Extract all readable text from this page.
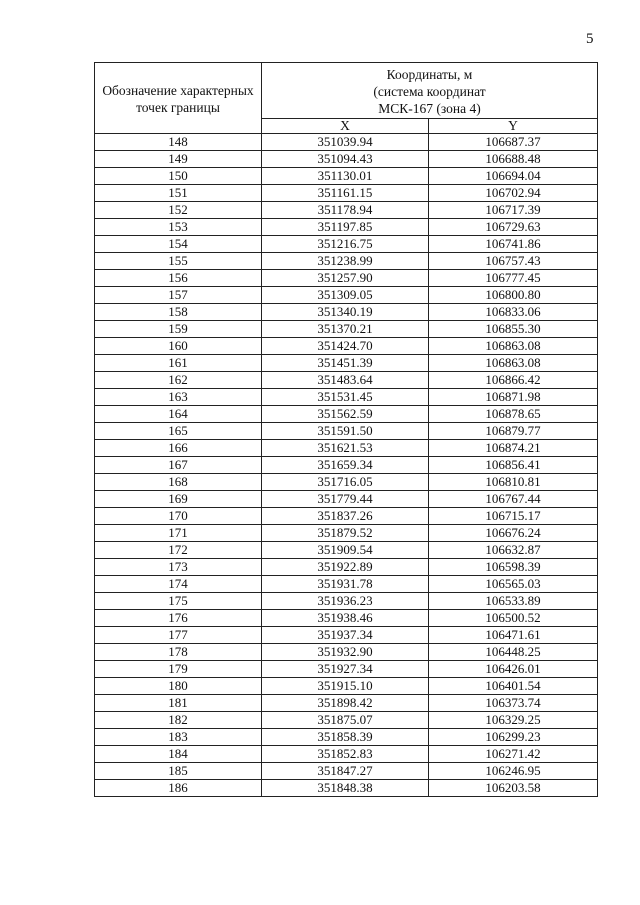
5
Обозначение характерных точек границы	Координаты, м
(система координат
МСК-167 (зона 4)	

	X	Y
148	351039.94	106687.37
149	351094.43	106688.48
150	351130.01	106694.04
151	351161.15	106702.94
152	351178.94	106717.39
153	351197.85	106729.63
154	351216.75	106741.86
155	351238.99	106757.43
156	351257.90	106777.45
157	351309.05	106800.80
158	351340.19	106833.06
159	351370.21	106855.30
160	351424.70	106863.08
161	351451.39	106863.08
162	351483.64	106866.42
163	351531.45	106871.98
164	351562.59	106878.65
165	351591.50	106879.77
166	351621.53	106874.21
167	351659.34	106856.41
168	351716.05	106810.81
169	351779.44	106767.44
170	351837.26	106715.17
171	351879.52	106676.24
172	351909.54	106632.87
173	351922.89	106598.39
174	351931.78	106565.03
175	351936.23	106533.89
176	351938.46	106500.52
177	351937.34	106471.61
178	351932.90	106448.25
179	351927.34	106426.01
180	351915.10	106401.54
181	351898.42	106373.74
182	351875.07	106329.25
183	351858.39	106299.23
184	351852.83	106271.42
185	351847.27	106246.95
186	351848.38	106203.58
